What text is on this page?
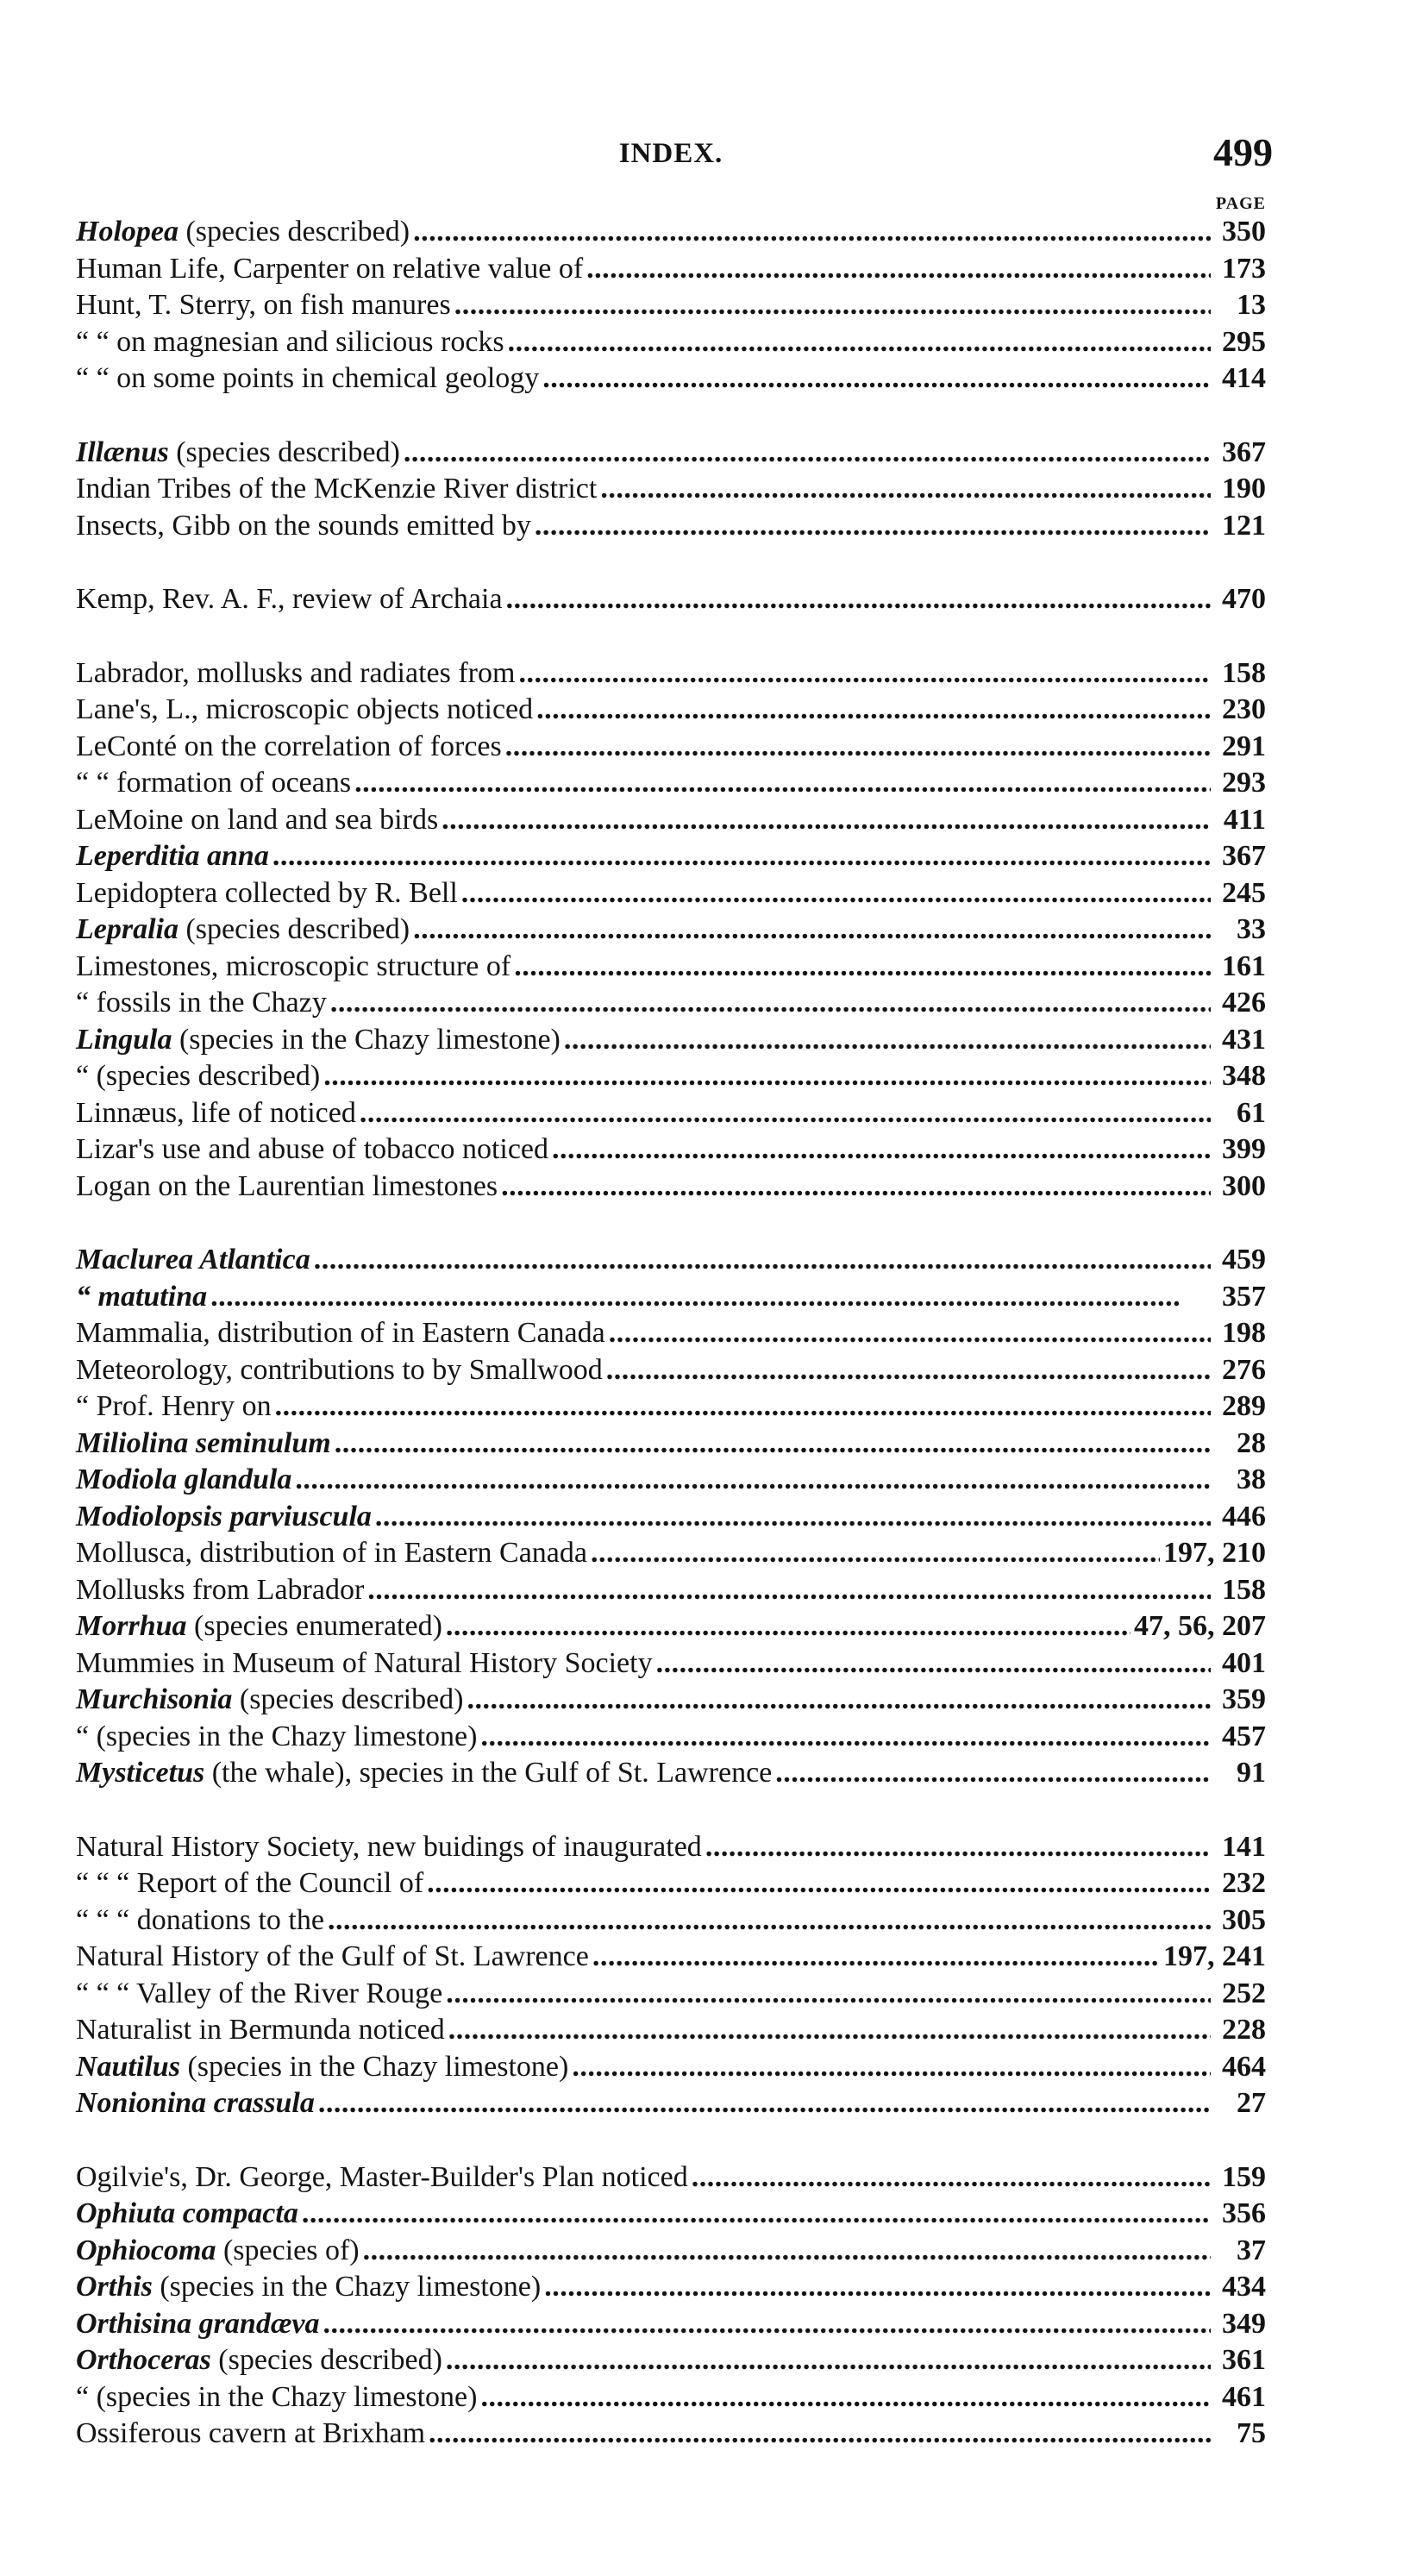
INDEX.	499
PAGE
Holopea (species described) . . .	350
Human Life, Carpenter on relative value of . . .	173
Hunt, T. Sterry, on fish manures . . .	13
“ “ on magnesian and silicious rocks . . .	295
“ “ on some points in chemical geology . . .	414
Illænus (species described) . . .	367
Indian Tribes of the McKenzie River district . . .	190
Insects, Gibb on the sounds emitted by . . .	121
Kemp, Rev. A. F., review of Archaia . . .	470
Labrador, mollusks and radiates from . . .	158
Lane's, L., microscopic objects noticed . . .	230
LeConté on the correlation of forces . . .	291
“ “ formation of oceans . . .	293
LeMoine on land and sea birds . . .	411
Leperditia anna . . .	367
Lepidoptera collected by R. Bell . . .	245
Lepralia (species described) . . .	33
Limestones, microscopic structure of . . .	161
“ fossils in the Chazy . . .	426
Lingula (species in the Chazy limestone) . . .	431
“ (species described) . . .	348
Linnæus, life of noticed . . .	61
Lizar's use and abuse of tobacco noticed . . .	399
Logan on the Laurentian limestones . . .	300
Maclurea Atlantica . . .	459
“ matutina . . .	357
Mammalia, distribution of in Eastern Canada . . .	198
Meteorology, contributions to by Smallwood . . .	276
“ Prof. Henry on . . .	289
Miliolina seminulum . . .	28
Modiola glandula . . .	38
Modiolopsis parviuscula . . .	446
Mollusca, distribution of in Eastern Canada . . .	197, 210
Mollusks from Labrador . . .	158
Morrhua (species enumerated) . . .	47, 56, 207
Mummies in Museum of Natural History Society . . .	401
Murchisonia (species described) . . .	359
“ (species in the Chazy limestone) . . .	457
Mysticetus (the whale), species in the Gulf of St. Lawrence . . .	91
Natural History Society, new buidings of inaugurated . . .	141
“ “ “ Report of the Council of . . .	232
“ “ “ donations to the . . .	305
Natural History of the Gulf of St. Lawrence . . .	197, 241
“ “ “ Valley of the River Rouge . . .	252
Naturalist in Bermunda noticed . . .	228
Nautilus (species in the Chazy limestone) . . .	464
Nonionina crassula . . .	27
Ogilvie's, Dr. George, Master-Builder's Plan noticed . . .	159
Ophiuta compacta . . .	356
Ophiocoma (species of) . . .	37
Orthis (species in the Chazy limestone) . . .	434
Orthisina grandæva . . .	349
Orthoceras (species described) . . .	361
“ (species in the Chazy limestone) . . .	461
Ossiferous cavern at Brixham . . .	75
